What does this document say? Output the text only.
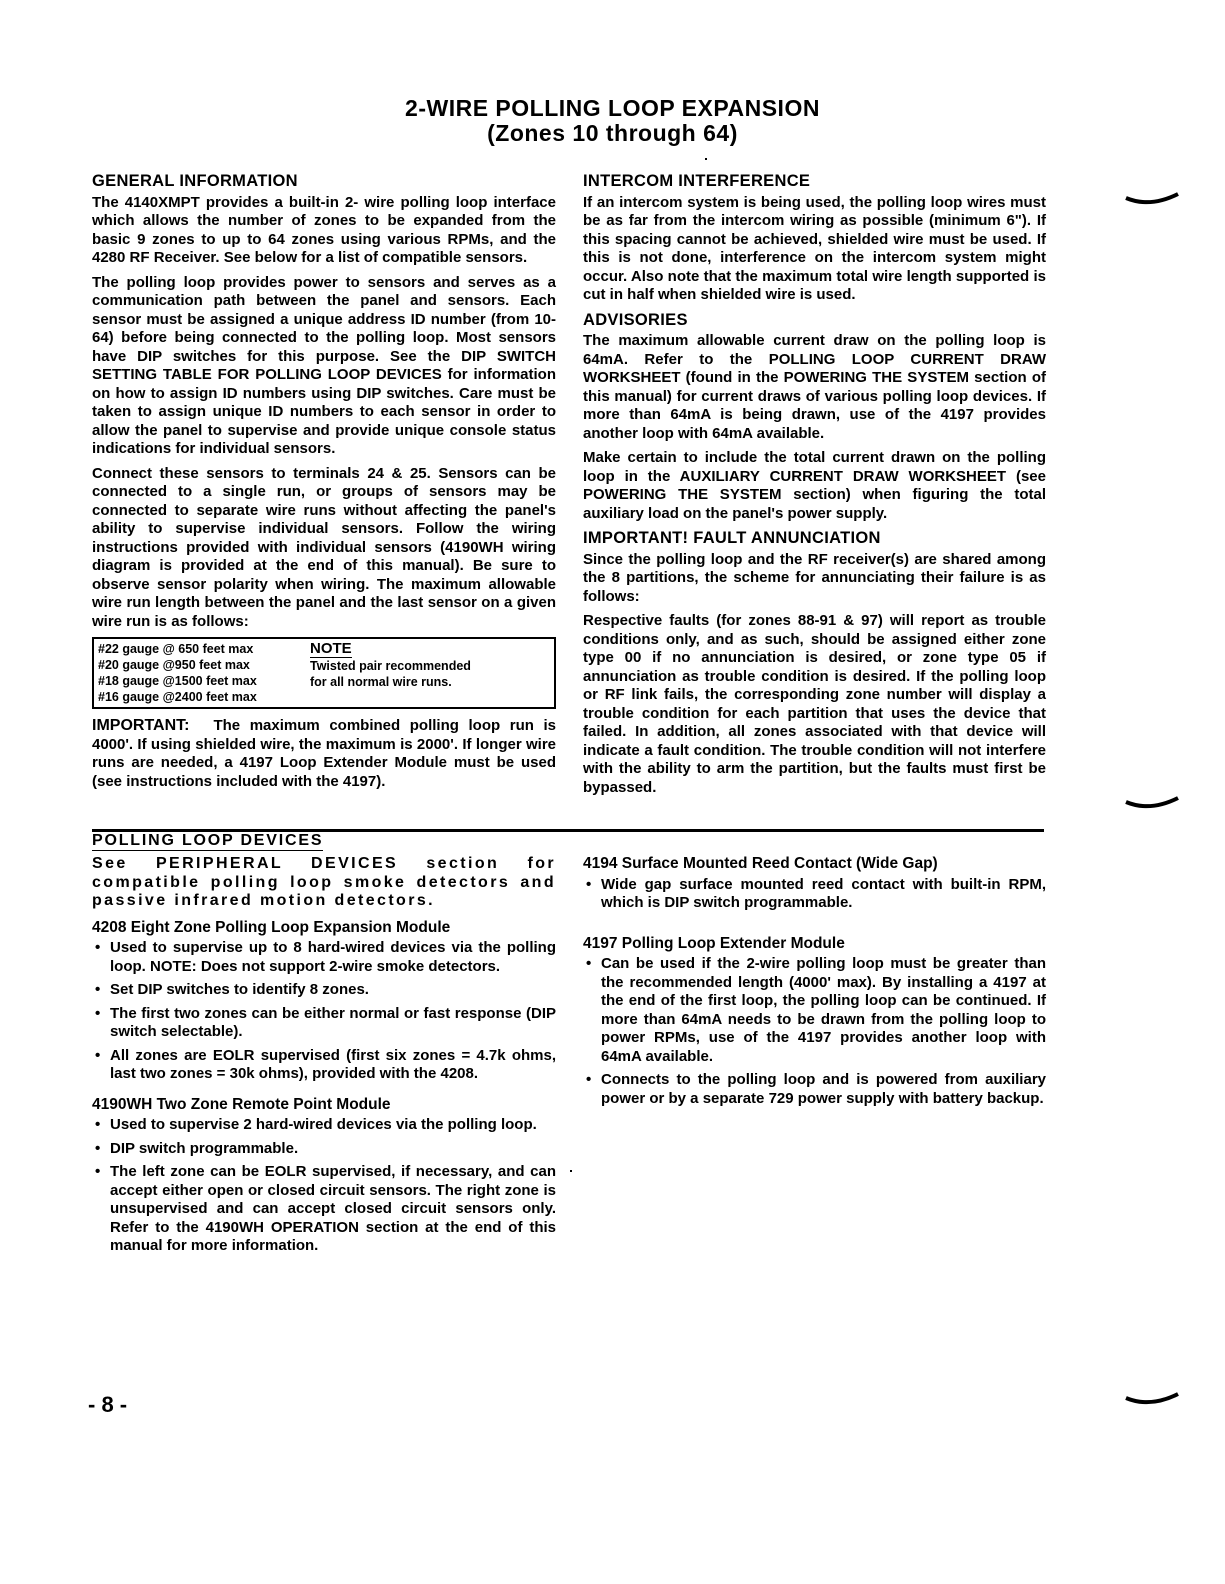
2-WIRE POLLING LOOP EXPANSION
(Zones 10 through 64)
GENERAL INFORMATION

The 4140XMPT provides a built-in 2- wire polling loop interface which allows the number of zones to be expanded from the basic 9 zones to up to 64 zones using various RPMs, and the 4280 RF Receiver. See below for a list of compatible sensors.

The polling loop provides power to sensors and serves as a communication path between the panel and sensors. Each sensor must be assigned a unique address ID number (from 10-64) before being connected to the polling loop. Most sensors have DIP switches for this purpose. See the DIP SWITCH SETTING TABLE FOR POLLING LOOP DEVICES for information on how to assign ID numbers using DIP switches. Care must be taken to assign unique ID numbers to each sensor in order to allow the panel to supervise and provide unique console status indications for individual sensors.

Connect these sensors to terminals 24 & 25. Sensors can be connected to a single run, or groups of sensors may be connected to separate wire runs without affecting the panel's ability to supervise individual sensors. Follow the wiring instructions provided with individual sensors (4190WH wiring diagram is provided at the end of this manual). Be sure to observe sensor polarity when wiring. The maximum allowable wire run length between the panel and the last sensor on a given wire run is as follows:

#22 gauge @ 650 feet max
#20 gauge @950 feet max
#18 gauge @1500 feet max
#16 gauge @2400 feet max
NOTE
Twisted pair recommended
for all normal wire runs.

IMPORTANT: The maximum combined polling loop run is 4000'. If using shielded wire, the maximum is 2000'. If longer wire runs are needed, a 4197 Loop Extender Module must be used (see instructions included with the 4197).

INTERCOM INTERFERENCE

If an intercom system is being used, the polling loop wires must be as far from the intercom wiring as possible (minimum 6"). If this spacing cannot be achieved, shielded wire must be used. If this is not done, interference on the intercom system might occur. Also note that the maximum total wire length supported is cut in half when shielded wire is used.

ADVISORIES

The maximum allowable current draw on the polling loop is 64mA. Refer to the POLLING LOOP CURRENT DRAW WORKSHEET (found in the POWERING THE SYSTEM section of this manual) for current draws of various polling loop devices. If more than 64mA is being drawn, use of the 4197 provides another loop with 64mA available.

Make certain to include the total current drawn on the polling loop in the AUXILIARY CURRENT DRAW WORKSHEET (see POWERING THE SYSTEM section) when figuring the total auxiliary load on the panel's power supply.

IMPORTANT! FAULT ANNUNCIATION

Since the polling loop and the RF receiver(s) are shared among the 8 partitions, the scheme for annunciating their failure is as follows:

Respective faults (for zones 88-91 & 97) will report as trouble conditions only, and as such, should be assigned either zone type 00 if no annunciation is desired, or zone type 05 if annunciation as trouble condition is desired. If the polling loop or RF link fails, the corresponding zone number will display a trouble condition for each partition that uses the device that failed. In addition, all zones associated with that device will indicate a fault condition. The trouble condition will not interfere with the ability to arm the partition, but the faults must first be bypassed.

POLLING LOOP DEVICES

See PERIPHERAL DEVICES section for compatible polling loop smoke detectors and passive infrared motion detectors.

4208 Eight Zone Polling Loop Expansion Module
• Used to supervise up to 8 hard-wired devices via the polling loop. NOTE: Does not support 2-wire smoke detectors.
• Set DIP switches to identify 8 zones.
• The first two zones can be either normal or fast response (DIP switch selectable).
• All zones are EOLR supervised (first six zones = 4.7k ohms, last two zones = 30k ohms), provided with the 4208.
4190WH Two Zone Remote Point Module
• Used to supervise 2 hard-wired devices via the polling loop.
• DIP switch programmable.
• The left zone can be EOLR supervised, if necessary, and can accept either open or closed circuit sensors. The right zone is unsupervised and can accept closed circuit sensors only. Refer to the 4190WH OPERATION section at the end of this manual for more information.
4194 Surface Mounted Reed Contact (Wide Gap)
• Wide gap surface mounted reed contact with built-in RPM, which is DIP switch programmable.
4197 Polling Loop Extender Module
• Can be used if the 2-wire polling loop must be greater than the recommended length (4000' max). By installing a 4197 at the end of the first loop, the polling loop can be continued. If more than 64mA needs to be drawn from the polling loop to power RPMs, use of the 4197 provides another loop with 64mA available.
• Connects to the polling loop and is powered from auxiliary power or by a separate 729 power supply with battery backup.
- 8 -
